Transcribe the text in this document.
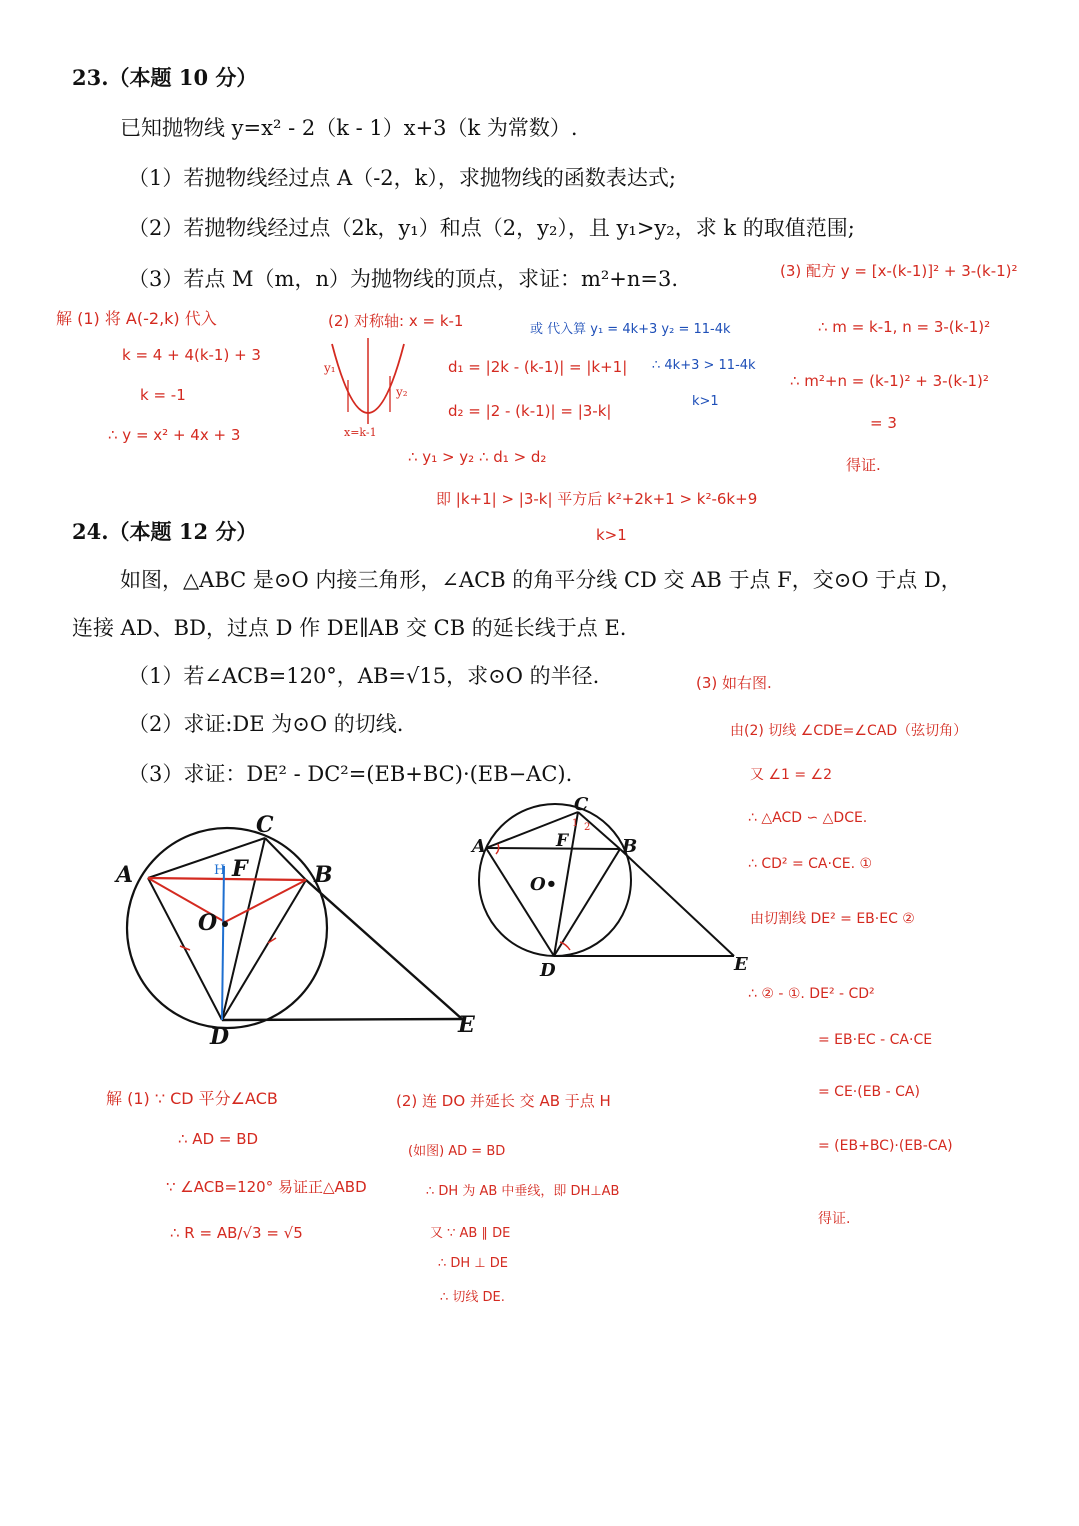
23.（本题 10 分）
已知抛物线 y=x² - 2（k - 1）x+3（k 为常数）.
（1）若抛物线经过点 A（-2，k），求抛物线的函数表达式;
（2）若抛物线经过点（2k，y₁）和点（2，y₂），且 y₁>y₂，求 k 的取值范围;
（3）若点 M（m，n）为抛物线的顶点，求证：m²+n=3.
解 (1) 将 A(-2,k) 代入
k = 4 + 4(k-1) + 3
k = -1
∴ y = x² + 4x + 3
(2) 对称轴: x = k-1
y₁
y₂
x=k-1
d₁ = |2k - (k-1)| = |k+1|
d₂ = |2 - (k-1)| = |3-k|
∴ y₁ > y₂ ∴ d₁ > d₂
即 |k+1| > |3-k| 平方后 k²+2k+1 > k²-6k+9
k>1
或 代入算 y₁ = 4k+3 y₂ = 11-4k
∴ 4k+3 > 11-4k
k>1
(3) 配方 y = [x-(k-1)]² + 3-(k-1)²
∴ m = k-1, n = 3-(k-1)²
∴ m²+n = (k-1)² + 3-(k-1)²
= 3
得证.
24.（本题 12 分）
如图，△ABC 是⊙O 内接三角形，∠ACB 的角平分线 CD 交 AB 于点 F，交⊙O 于点 D，
连接 AD、BD，过点 D 作 DE∥AB 交 CB 的延长线于点 E.
（1）若∠ACB=120°，AB=√15，求⊙O 的半径.
（2）求证:DE 为⊙O 的切线.
（3）求证：DE² - DC²=(EB+BC)·(EB−AC).
A	B
C
D	E
F
O
H
A	B
C
D	E
F
O•
1 2
解 (1) ∵ CD 平分∠ACB
∴ AD = BD
∵ ∠ACB=120° 易证正△ABD
∴ R = AB/√3 = √5
(2) 连 DO 并延长 交 AB 于点 H
(如图) AD = BD
∴ DH 为 AB 中垂线，即 DH⊥AB
又 ∵ AB ∥ DE
∴ DH ⊥ DE
∴ 切线 DE.
(3) 如右图.
由(2) 切线 ∠CDE=∠CAD（弦切角）
又 ∠1 = ∠2
∴ △ACD ∽ △DCE.
∴ CD² = CA·CE. ①
由切割线 DE² = EB·EC ②
∴ ② - ①. DE² - CD²
= EB·EC - CA·CE
= CE·(EB - CA)
= (EB+BC)·(EB-CA)
得证.
